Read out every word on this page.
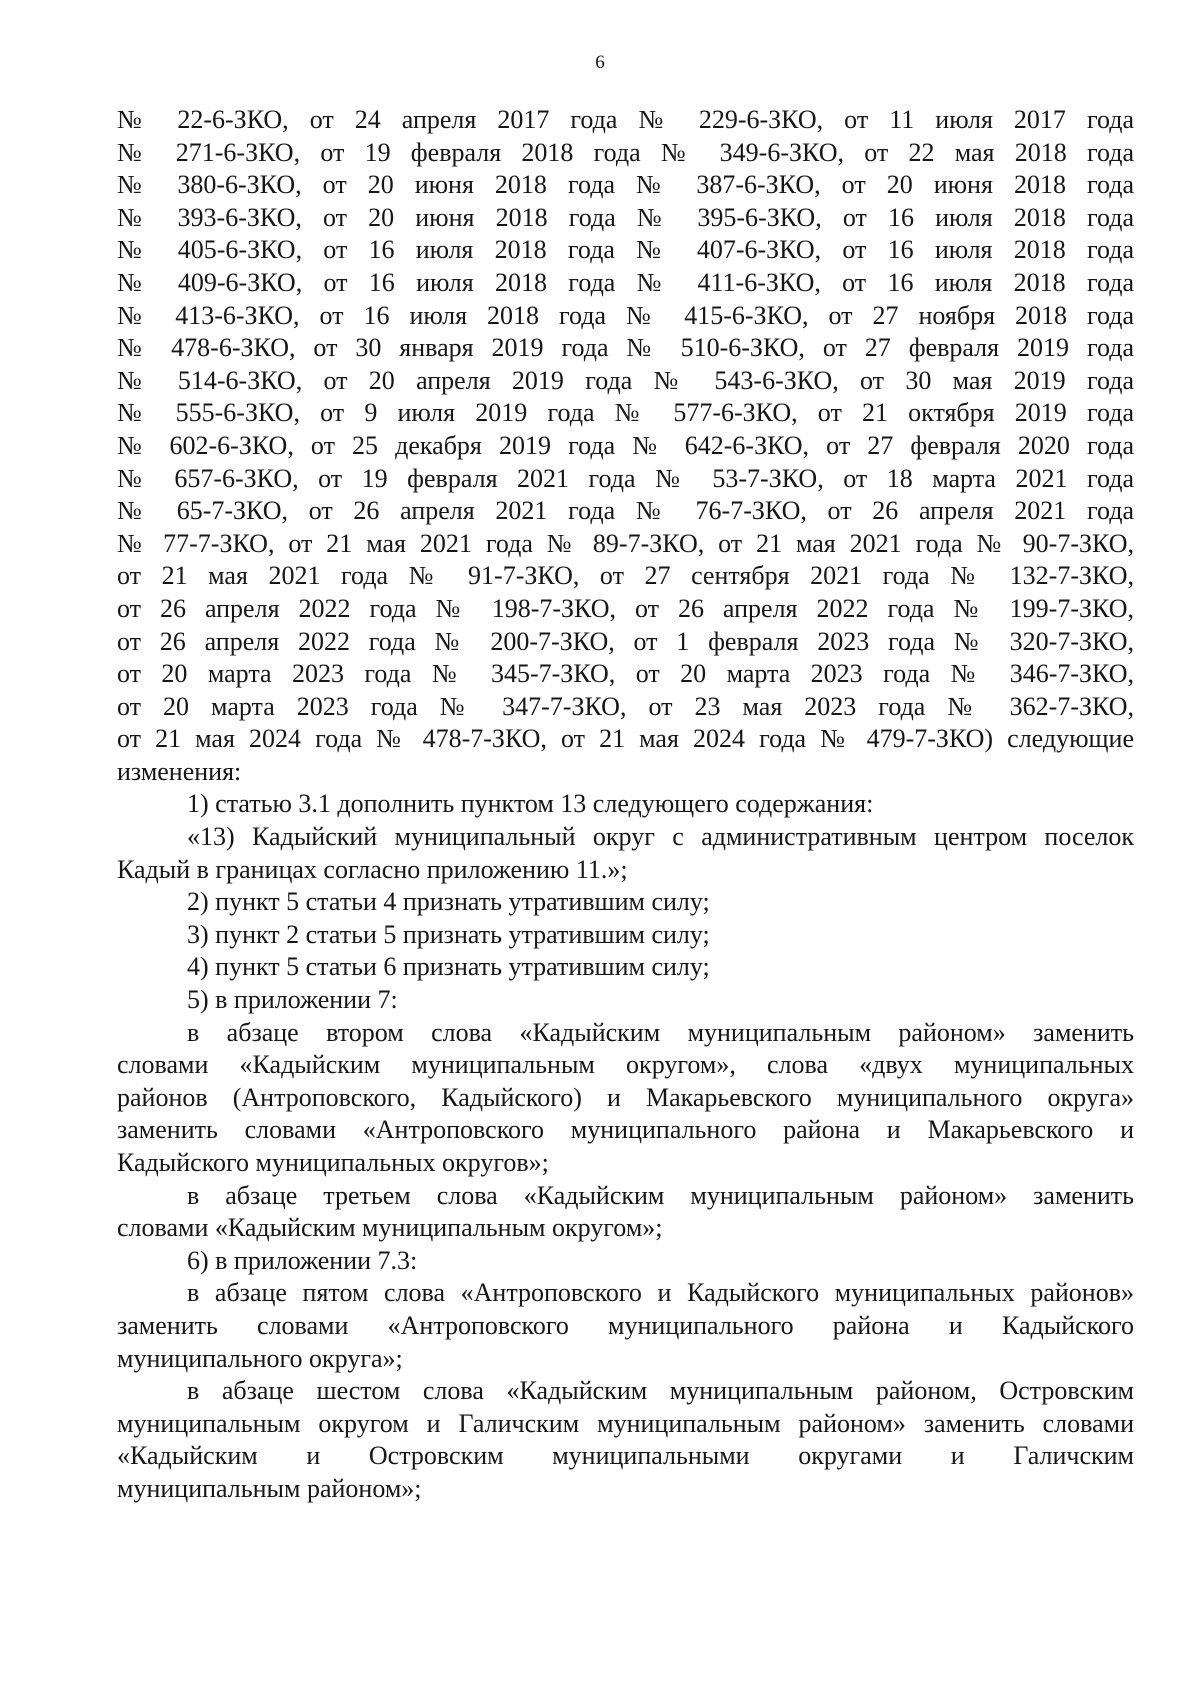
6
№ 22-6-ЗКО, от 24 апреля 2017 года № 229-6-ЗКО, от 11 июля 2017 года
№ 271-6-ЗКО, от 19 февраля 2018 года № 349-6-ЗКО, от 22 мая 2018 года
№ 380-6-ЗКО, от 20 июня 2018 года № 387-6-ЗКО, от 20 июня 2018 года
№ 393-6-ЗКО, от 20 июня 2018 года № 395-6-ЗКО, от 16 июля 2018 года
№ 405-6-ЗКО, от 16 июля 2018 года № 407-6-ЗКО, от 16 июля 2018 года
№ 409-6-ЗКО, от 16 июля 2018 года № 411-6-ЗКО, от 16 июля 2018 года
№ 413-6-ЗКО, от 16 июля 2018 года № 415-6-ЗКО, от 27 ноября 2018 года
№ 478-6-ЗКО, от 30 января 2019 года № 510-6-ЗКО, от 27 февраля 2019 года
№ 514-6-ЗКО, от 20 апреля 2019 года № 543-6-ЗКО, от 30 мая 2019 года
№ 555-6-ЗКО, от 9 июля 2019 года № 577-6-ЗКО, от 21 октября 2019 года
№ 602-6-ЗКО, от 25 декабря 2019 года № 642-6-ЗКО, от 27 февраля 2020 года
№ 657-6-ЗКО, от 19 февраля 2021 года № 53-7-ЗКО, от 18 марта 2021 года
№ 65-7-ЗКО, от 26 апреля 2021 года № 76-7-ЗКО, от 26 апреля 2021 года
№ 77-7-ЗКО, от 21 мая 2021 года № 89-7-ЗКО, от 21 мая 2021 года № 90-7-ЗКО,
от 21 мая 2021 года № 91-7-ЗКО, от 27 сентября 2021 года № 132-7-ЗКО,
от 26 апреля 2022 года № 198-7-ЗКО, от 26 апреля 2022 года № 199-7-ЗКО,
от 26 апреля 2022 года № 200-7-ЗКО, от 1 февраля 2023 года № 320-7-ЗКО,
от 20 марта 2023 года № 345-7-ЗКО, от 20 марта 2023 года № 346-7-ЗКО,
от 20 марта 2023 года № 347-7-ЗКО, от 23 мая 2023 года № 362-7-ЗКО,
от 21 мая 2024 года № 478-7-ЗКО, от 21 мая 2024 года № 479-7-ЗКО) следующие
изменения:
1) статью 3.1 дополнить пунктом 13 следующего содержания:
«13) Кадыйский муниципальный округ с административным центром поселок
Кадый в границах согласно приложению 11.»;
2) пункт 5 статьи 4 признать утратившим силу;
3) пункт 2 статьи 5 признать утратившим силу;
4) пункт 5 статьи 6 признать утратившим силу;
5) в приложении 7:
в абзаце втором слова «Кадыйским муниципальным районом» заменить
словами «Кадыйским муниципальным округом», слова «двух муниципальных
районов (Антроповского, Кадыйского) и Макарьевского муниципального округа»
заменить словами «Антроповского муниципального района и Макарьевского и
Кадыйского муниципальных округов»;
в абзаце третьем слова «Кадыйским муниципальным районом» заменить
словами «Кадыйским муниципальным округом»;
6) в приложении 7.3:
в абзаце пятом слова «Антроповского и Кадыйского муниципальных районов»
заменить словами «Антроповского муниципального района и Кадыйского
муниципального округа»;
в абзаце шестом слова «Кадыйским муниципальным районом, Островским
муниципальным округом и Галичским муниципальным районом» заменить словами
«Кадыйским и Островским муниципальными округами и Галичским
муниципальным районом»;
